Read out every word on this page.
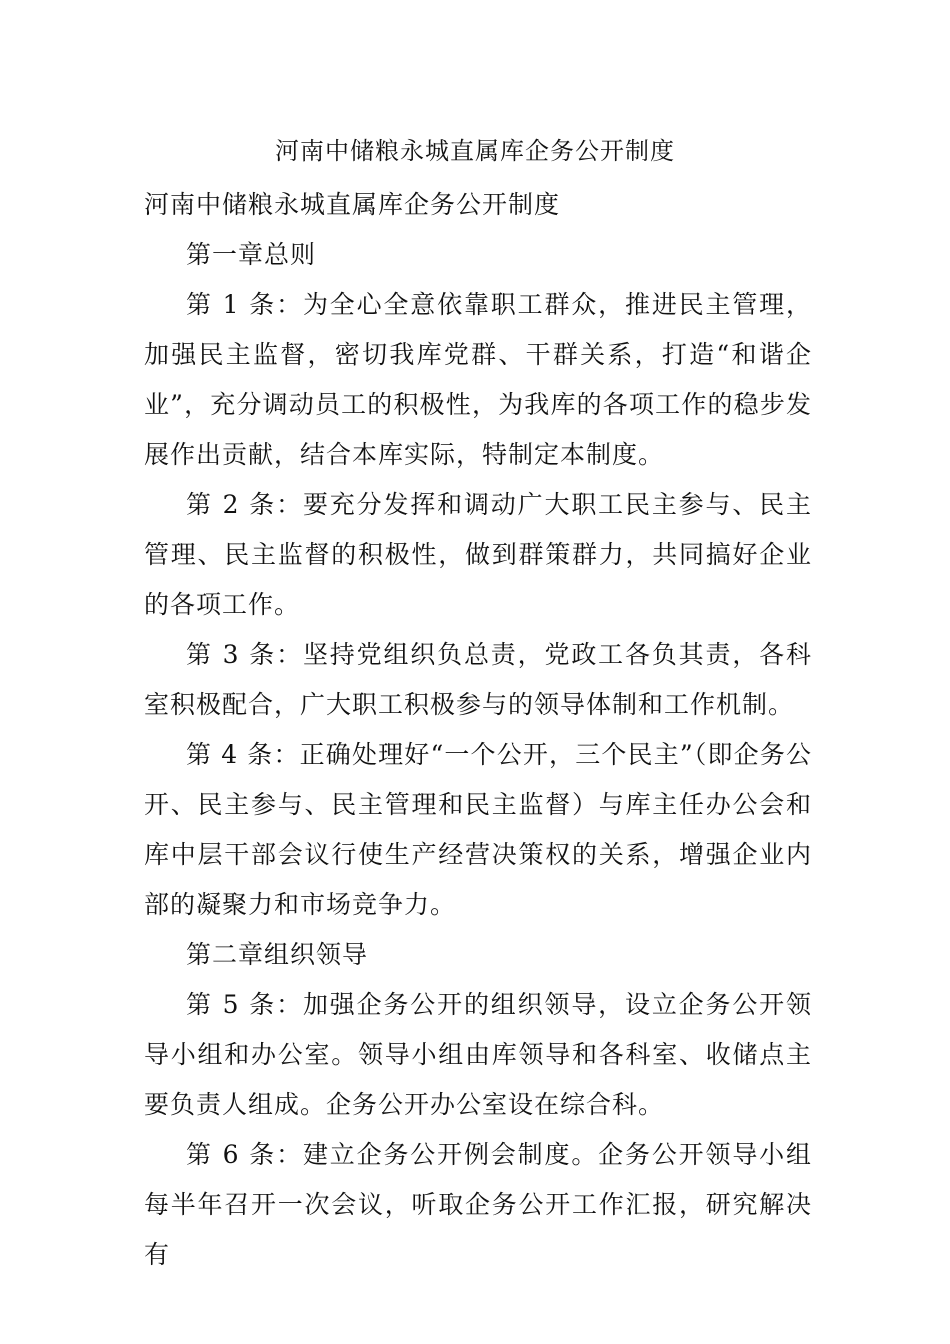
河南中储粮永城直属库企务公开制度

河南中储粮永城直属库企务公开制度

第一章总则

第 1 条：为全心全意依靠职工群众，推进民主管理，加强民主监督，密切我库党群、干群关系，打造“和谐企业”，充分调动员工的积极性，为我库的各项工作的稳步发展作出贡献，结合本库实际，特制定本制度。

第 2 条：要充分发挥和调动广大职工民主参与、民主管理、民主监督的积极性，做到群策群力，共同搞好企业的各项工作。

第 3 条：坚持党组织负总责，党政工各负其责，各科室积极配合，广大职工积极参与的领导体制和工作机制。

第 4 条：正确处理好“一个公开，三个民主”（即企务公开、民主参与、民主管理和民主监督）与库主任办公会和库中层干部会议行使生产经营决策权的关系，增强企业内部的凝聚力和市场竞争力。

第二章组织领导

第 5 条：加强企务公开的组织领导，设立企务公开领导小组和办公室。领导小组由库领导和各科室、收储点主要负责人组成。企务公开办公室设在综合科。

第 6 条：建立企务公开例会制度。企务公开领导小组每半年召开一次会议，听取企务公开工作汇报，研究解决有
